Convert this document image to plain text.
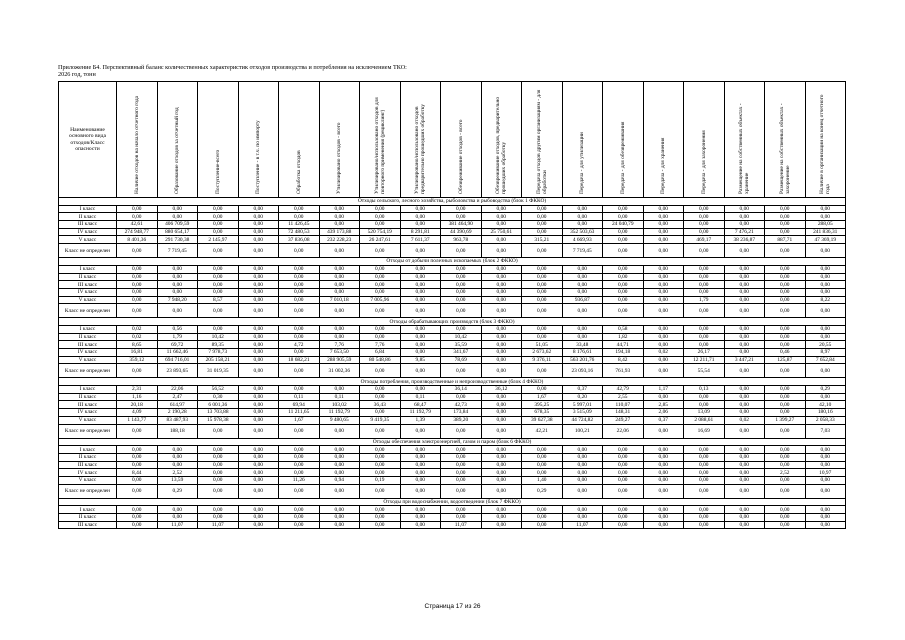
Приложение Б4. Перспективный баланс количественных характеристик отходов производства и потребления на исключением ТКО:
2026 год, тонн
Наименование основного вида отходов/Класс опасности	Наличие отходов на начало отчетного года	Образование отходов за отчетный год	Поступление-всего	Поступление - в т.ч. по импорту	Обработка отходов	Утилизировано отходов - всего	Утилизировано/использовано отходов для повторного применения (рециклинг)	Утилизировано/использовано отходов предварительно прошедших обработку	Обезвреживание отходов - всего	Обезвреживание отходов, предварительно прошедших обработку	Передача отходов другим организациям - для обработки	Передача - для утилизации	Передача - для обезвреживания	Передача - для хранения	Передача - для захоронения	Размещение на собственных объектах - хранение	Размещение на собственных объектах - захоронение	Наличие в организации на конец отчетного года

Отходы сельского, лесного хозяйства, рыболовства и рыбоводства (блок 1 ФККО)																		
I класс	0,00	0,00	0,00	0,00	0,00	0,00	0,00	0,00	0,00	0,00	0,00	0,00	0,00	0,00	0,00	0,00	0,00	0,00
II класс	0,00	0,00	0,00	0,00	0,00	0,00	0,00	0,00	0,00	0,00	0,00	0,00	0,00	0,00	0,00	0,00	0,00	0,00
III класс	42,61	406 709,59	0,00	0,00	11 426,45	0,00	0,00	0,00	381 464,90	0,00	0,00	0,00	24 040,79	0,00	0,00	0,00	0,00	288,05
IV класс	274 948,77	880 654,17	0,00	0,00	72 480,53	439 173,88	520 754,19	8 291,81	44 390,69	25 750,61	0,00	352 503,63	0,00	0,00	0,00	7 476,21	0,00	241 836,31
V класс	8 401,36	291 730,38	2 145,97	0,00	37 836,08	232 228,23	26 247,61	7 611,37	963,78	0,00	315,21	4 669,93	0,00	0,00	469,17	38 236,87	887,71	47 369,19
Класс не определен	0,00	7 719,45	0,00	0,00	0,00	0,00	0,00	0,00	0,00	0,00	0,00	7 719,45	0,00	0,00	0,00	0,00	0,00	0,00
Отходы от добычи полезных ископаемых (блок 2 ФККО)																		
I класс	0,00	0,00	0,00	0,00	0,00	0,00	0,00	0,00	0,00	0,00	0,00	0,00	0,00	0,00	0,00	0,00	0,00	0,00
II класс	0,00	0,00	0,00	0,00	0,00	0,00	0,00	0,00	0,00	0,00	0,00	0,00	0,00	0,00	0,00	0,00	0,00	0,00
III класс	0,00	0,00	0,00	0,00	0,00	0,00	0,00	0,00	0,00	0,00	0,00	0,00	0,00	0,00	0,00	0,00	0,00	0,00
IV класс	0,00	0,00	0,00	0,00	0,00	0,00	0,00	0,00	0,00	0,00	0,00	0,00	0,00	0,00	0,00	0,00	0,00	0,00
V класс	0,00	7 948,20	8,57	0,00	0,00	7 010,18	7 005,96	0,00	0,00	0,00	0,00	936,87	0,00	0,00	1,79	0,00	0,00	8,22
Класс не определен	0,00	0,00	0,00	0,00	0,00	0,00	0,00	0,00	0,00	0,00	0,00	0,00	0,00	0,00	0,00	0,00	0,00	0,00
Отходы обрабатывающих производств (блок 3 ФККО)																		
I класс	0,02	0,56	0,00	0,00	0,00	0,00	0,00	0,00	0,00	0,00	0,00	0,00	0,58	0,00	0,00	0,00	0,00	0,00
II класс	0,02	1,79	10,42	0,00	0,00	0,00	0,00	0,00	10,42	0,00	0,00	0,00	1,82	0,00	0,00	0,00	0,00	0,00
III класс	8,65	69,72	89,35	0,00	4,72	7,76	7,76	0,00	35,59	0,00	51,05	33,48	44,71	0,00	0,00	0,00	0,00	20,55
IV класс	16,81	11 662,46	7 978,73	0,00	0,00	7 653,50	6,84	0,00	341,67	0,00	2 673,62	8 176,61	194,18	0,02	26,17	0,00	0,46	8,97
V класс	359,12	694 716,01	205 158,21	0,00	18 682,21	288 905,59	80 548,86	9,85	78,69	0,00	9 376,11	563 201,76	8,42	0,00	12 211,71	3 447,21	125,87	7 652,84
Класс не определен	0,00	23 893,65	31 019,35	0,00	0,00	31 002,36	0,00	0,00	0,00	0,00	0,00	23 093,16	761,93	0,00	55,54	0,00	0,00	0,00
Отходы потребления, производственные и непроизводственные (блок 4 ФККО)																		
I класс	2,31	22,06	56,52	0,00	0,00	0,00	0,00	0,00	36,14	36,12	0,00	0,37	42,79	1,17	0,13	0,00	0,00	0,29
II класс	1,16	2,47	0,30	0,00	0,11	0,11	0,00	0,11	0,00	0,00	1,67	0,20	2,55	0,00	0,00	0,00	0,00	0,00
III класс	20,18	614,97	6 001,36	0,00	69,94	103,02	36,43	68,47	42,73	0,00	395,25	5 997,01	110,07	2,85	0,00	0,00	0,00	42,10
IV класс	4,09	2 190,28	13 703,88	0,00	11 211,65	11 192,79	0,00	11 192,79	173,84	0,00	678,35	3 515,09	148,31	2,06	13,09	0,00	0,00	180,16
V класс	1 143,77	83 487,93	15 978,38	0,00	1,67	9 480,65	9 419,35	1,39	389,20	0,00	39 627,38	44 724,82	249,27	0,37	2 088,61	0,02	1 399,27	2 058,33
Класс не определен	0,00	188,18	0,00	0,00	0,00	0,00	0,00	0,00	0,00	0,00	42,21	100,21	22,06	0,00	16,69	0,00	0,00	7,03
Отходы обеспечения электроэнергией, газом и паром (блок 6 ФККО)																		
I класс	0,00	0,00	0,00	0,00	0,00	0,00	0,00	0,00	0,00	0,00	0,00	0,00	0,00	0,00	0,00	0,00	0,00	0,00
II класс	0,00	0,00	0,00	0,00	0,00	0,00	0,00	0,00	0,00	0,00	0,00	0,00	0,00	0,00	0,00	0,00	0,00	0,00
III класс	0,00	0,00	0,00	0,00	0,00	0,00	0,00	0,00	0,00	0,00	0,00	0,00	0,00	0,00	0,00	0,00	0,00	0,00
IV класс	8,44	2,52	0,00	0,00	0,00	0,00	0,00	0,00	0,00	0,00	0,00	0,00	0,00	0,00	0,00	0,00	2,52	10,97
V класс	0,00	13,59	0,00	0,00	11,26	0,94	0,19	0,00	0,00	0,00	1,40	0,00	0,00	0,00	0,00	0,00	0,00	0,00
Класс не определен	0,00	0,29	0,00	0,00	0,00	0,00	0,00	0,00	0,00	0,00	0,29	0,00	0,00	0,00	0,00	0,00	0,00	0,00
Отходы при водоснабжении, водоотведении (блок 7 ФККО)																		
I класс	0,00	0,00	0,00	0,00	0,00	0,00	0,00	0,00	0,00	0,00	0,00	0,00	0,00	0,00	0,00	0,00	0,00	0,00
II класс	0,00	0,00	0,00	0,00	0,00	0,00	0,00	0,00	0,00	0,00	0,00	0,00	0,00	0,00	0,00	0,00	0,00	0,00
III класс	0,00	11,07	11,07	0,00	0,00	0,00	0,00	0,00	11,07	0,00	0,00	11,07	0,00	0,00	0,00	0,00	0,00	0,00
Страница 17 из 26
